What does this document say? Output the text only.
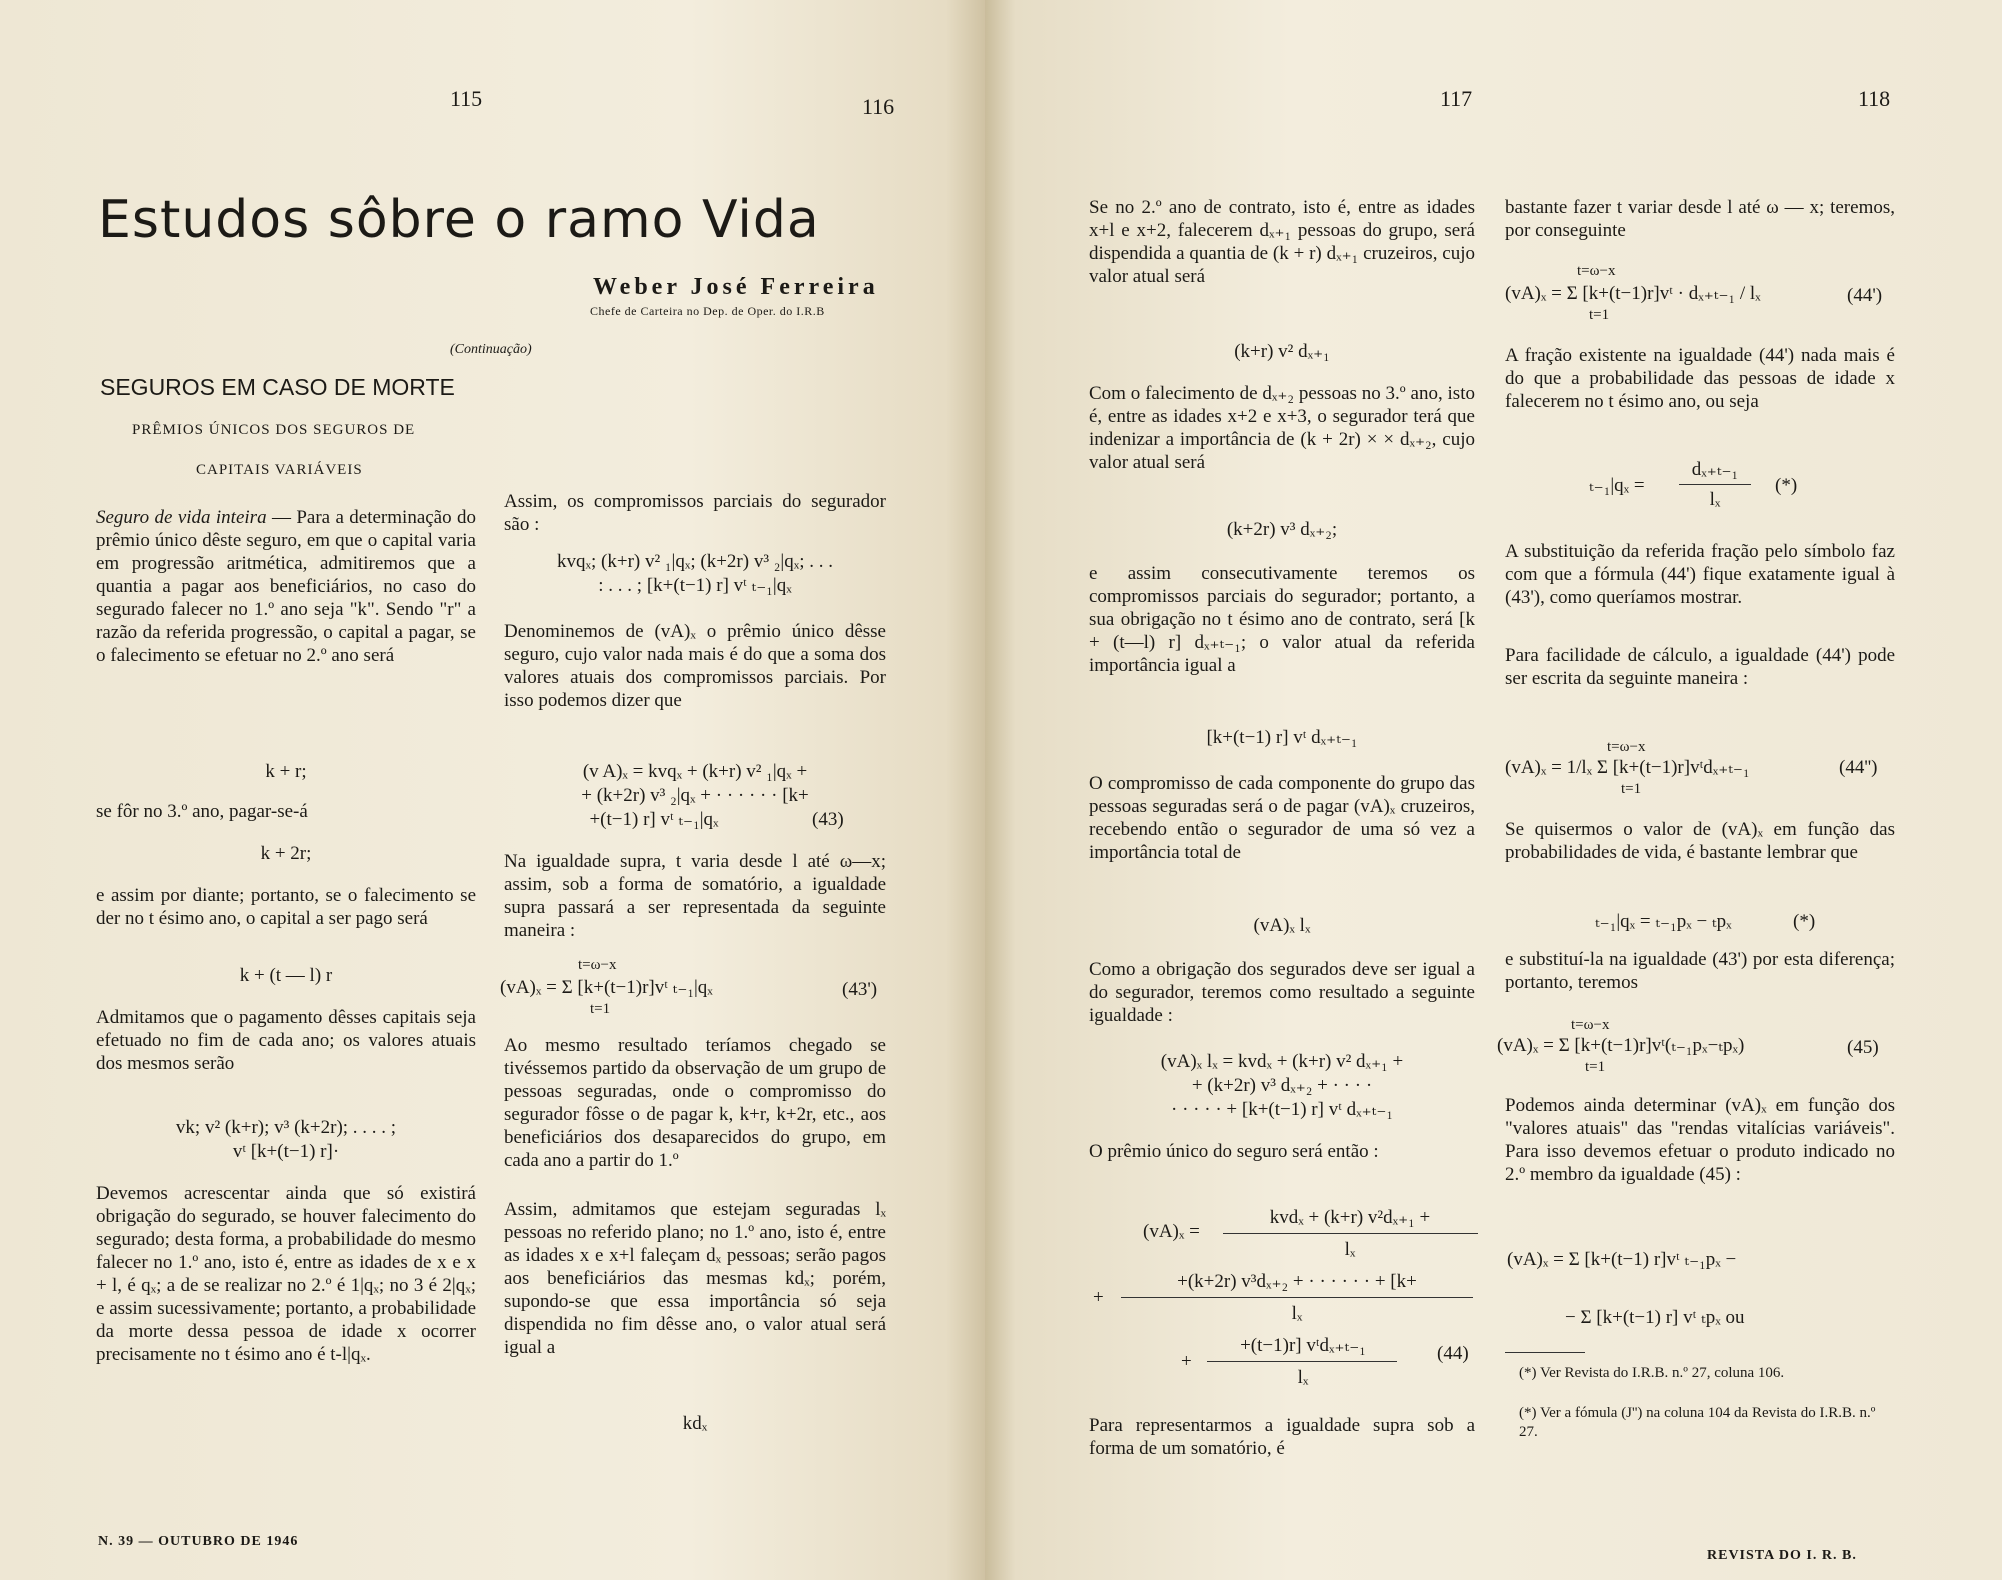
115	116
Estudos sôbre o ramo Vida
Weber José Ferreira
Chefe de Carteira no Dep. de Oper. do I.R.B
(Continuação)
SEGUROS EM CASO DE MORTE
PRÊMIOS ÚNICOS DOS SEGUROS DE
CAPITAIS VARIÁVEIS
Seguro de vida inteira — Para a determinação do prêmio único dêste seguro, em que o capital varia em progressão aritmética, admitiremos que a quantia a pagar aos beneficiários, no caso do segurado falecer no 1.º ano seja "k". Sendo "r" a razão da referida progressão, o capital a pagar, se o falecimento se efetuar no 2.º ano será
k + r;
se fôr no 3.º ano, pagar-se-á
k + 2r;
e assim por diante; portanto, se o falecimento se der no t ésimo ano, o capital a ser pago será
k + (t — l) r
Admitamos que o pagamento dêsses capitais seja efetuado no fim de cada ano; os valores atuais dos mesmos serão
vk; v² (k+r); v³ (k+2r); . . . . ;
vᵗ [k+(t−1) r]·
Devemos acrescentar ainda que só existirá obrigação do segurado, se houver falecimento do segurado; desta forma, a probabilidade do mesmo falecer no 1.º ano, isto é, entre as idades de x e x + l, é qₓ; a de se realizar no 2.º é 1|qₓ; no 3 é 2|qₓ; e assim sucessivamente; portanto, a probabilidade da morte dessa pessoa de idade x ocorrer precisamente no t ésimo ano é t-l|qₓ.
Assim, os compromissos parciais do segurador são :
kvqₓ; (k+r) v² ₁|qₓ; (k+2r) v³ ₂|qₓ; . . .
: . . . ; [k+(t−1) r] vᵗ ₜ₋₁|qₓ
Denominemos de (vA)ₓ o prêmio único dêsse seguro, cujo valor nada mais é do que a soma dos valores atuais dos compromissos parciais. Por isso podemos dizer que
(v A)ₓ = kvqₓ + (k+r) v² ₁|qₓ +
+ (k+2r) v³ ₂|qₓ + · · · · · · [k+
+(t−1) r] vᵗ ₜ₋₁|qₓ	(43)
Na igualdade supra, t varia desde l até ω—x; assim, sob a forma de somatório, a igualdade supra passará a ser representada da seguinte maneira :
t=ω−x
(vA)ₓ = Σ [k+(t−1)r]vᵗ ₜ₋₁|qₓ
t=1
(43')
Ao mesmo resultado teríamos chegado se tivéssemos partido da observação de um grupo de pessoas seguradas, onde o compromisso do segurador fôsse o de pagar k, k+r, k+2r, etc., aos beneficiários dos desaparecidos do grupo, em cada ano a partir do 1.º
Assim, admitamos que estejam seguradas lₓ pessoas no referido plano; no 1.º ano, isto é, entre as idades x e x+l faleçam dₓ pessoas; serão pagos aos beneficiários das mesmas kdₓ; porém, supondo-se que essa importância só seja dispendida no fim dêsse ano, o valor atual será igual a
kdₓ
N. 39 — OUTUBRO DE 1946
117	118
Se no 2.º ano de contrato, isto é, entre as idades x+l e x+2, falecerem dₓ₊₁ pessoas do grupo, será dispendida a quantia de (k + r) dₓ₊₁ cruzeiros, cujo valor atual será
(k+r) v² dₓ₊₁
Com o falecimento de dₓ₊₂ pessoas no 3.º ano, isto é, entre as idades x+2 e x+3, o segurador terá que indenizar a importância de (k + 2r) × × dₓ₊₂, cujo valor atual será
(k+2r) v³ dₓ₊₂;
e assim consecutivamente teremos os compromissos parciais do segurador; portanto, a sua obrigação no t ésimo ano de contrato, será [k + (t—l) r] dₓ₊ₜ₋₁; o valor atual da referida importância igual a
[k+(t−1) r] vᵗ dₓ₊ₜ₋₁
O compromisso de cada componente do grupo das pessoas seguradas será o de pagar (vA)ₓ cruzeiros, recebendo então o segurador de uma só vez a importância total de
(vA)ₓ lₓ
Como a obrigação dos segurados deve ser igual a do segurador, teremos como resultado a seguinte igualdade :
(vA)ₓ lₓ = kvdₓ + (k+r) v² dₓ₊₁ +
+ (k+2r) v³ dₓ₊₂ + · · · ·
· · · · · + [k+(t−1) r] vᵗ dₓ₊ₜ₋₁
O prêmio único do seguro será então :
(vA)ₓ =
kvdₓ + (k+r) v²dₓ₊₁ +
lₓ
+
+(k+2r) v³dₓ₊₂ + · · · · · · + [k+
lₓ
+
+(t−1)r] vᵗdₓ₊ₜ₋₁
lₓ
(44)
Para representarmos a igualdade supra sob a forma de um somatório, é
bastante fazer t variar desde l até ω — x; teremos, por conseguinte
t=ω−x
(vA)ₓ = Σ [k+(t−1)r]vᵗ · dₓ₊ₜ₋₁ / lₓ
t=1
(44')
A fração existente na igualdade (44') nada mais é do que a probabilidade das pessoas de idade x falecerem no t ésimo ano, ou seja
ₜ₋₁|qₓ =
dₓ₊ₜ₋₁
lₓ
(*)
A substituição da referida fração pelo símbolo faz com que a fórmula (44') fique exatamente igual à (43'), como queríamos mostrar.
Para facilidade de cálculo, a igualdade (44') pode ser escrita da seguinte maneira :
t=ω−x
(vA)ₓ = 1/lₓ Σ [k+(t−1)r]vᵗdₓ₊ₜ₋₁
t=1
(44'')
Se quisermos o valor de (vA)ₓ em função das probabilidades de vida, é bastante lembrar que
ₜ₋₁|qₓ = ₜ₋₁pₓ − ₜpₓ	(*)
e substituí-la na igualdade (43') por esta diferença; portanto, teremos
t=ω−x
(vA)ₓ = Σ [k+(t−1)r]vᵗ(ₜ₋₁pₓ−ₜpₓ)
t=1
(45)
Podemos ainda determinar (vA)ₓ em função dos "valores atuais" das "rendas vitalícias variáveis". Para isso devemos efetuar o produto indicado no 2.º membro da igualdade (45) :
(vA)ₓ = Σ [k+(t−1) r]vᵗ ₜ₋₁pₓ −
− Σ [k+(t−1) r] vᵗ ₜpₓ ou
(*) Ver Revista do I.R.B. n.º 27, coluna 106.
(*) Ver a fómula (J'') na coluna 104 da Revista do I.R.B. n.º 27.
REVISTA DO I. R. B.
